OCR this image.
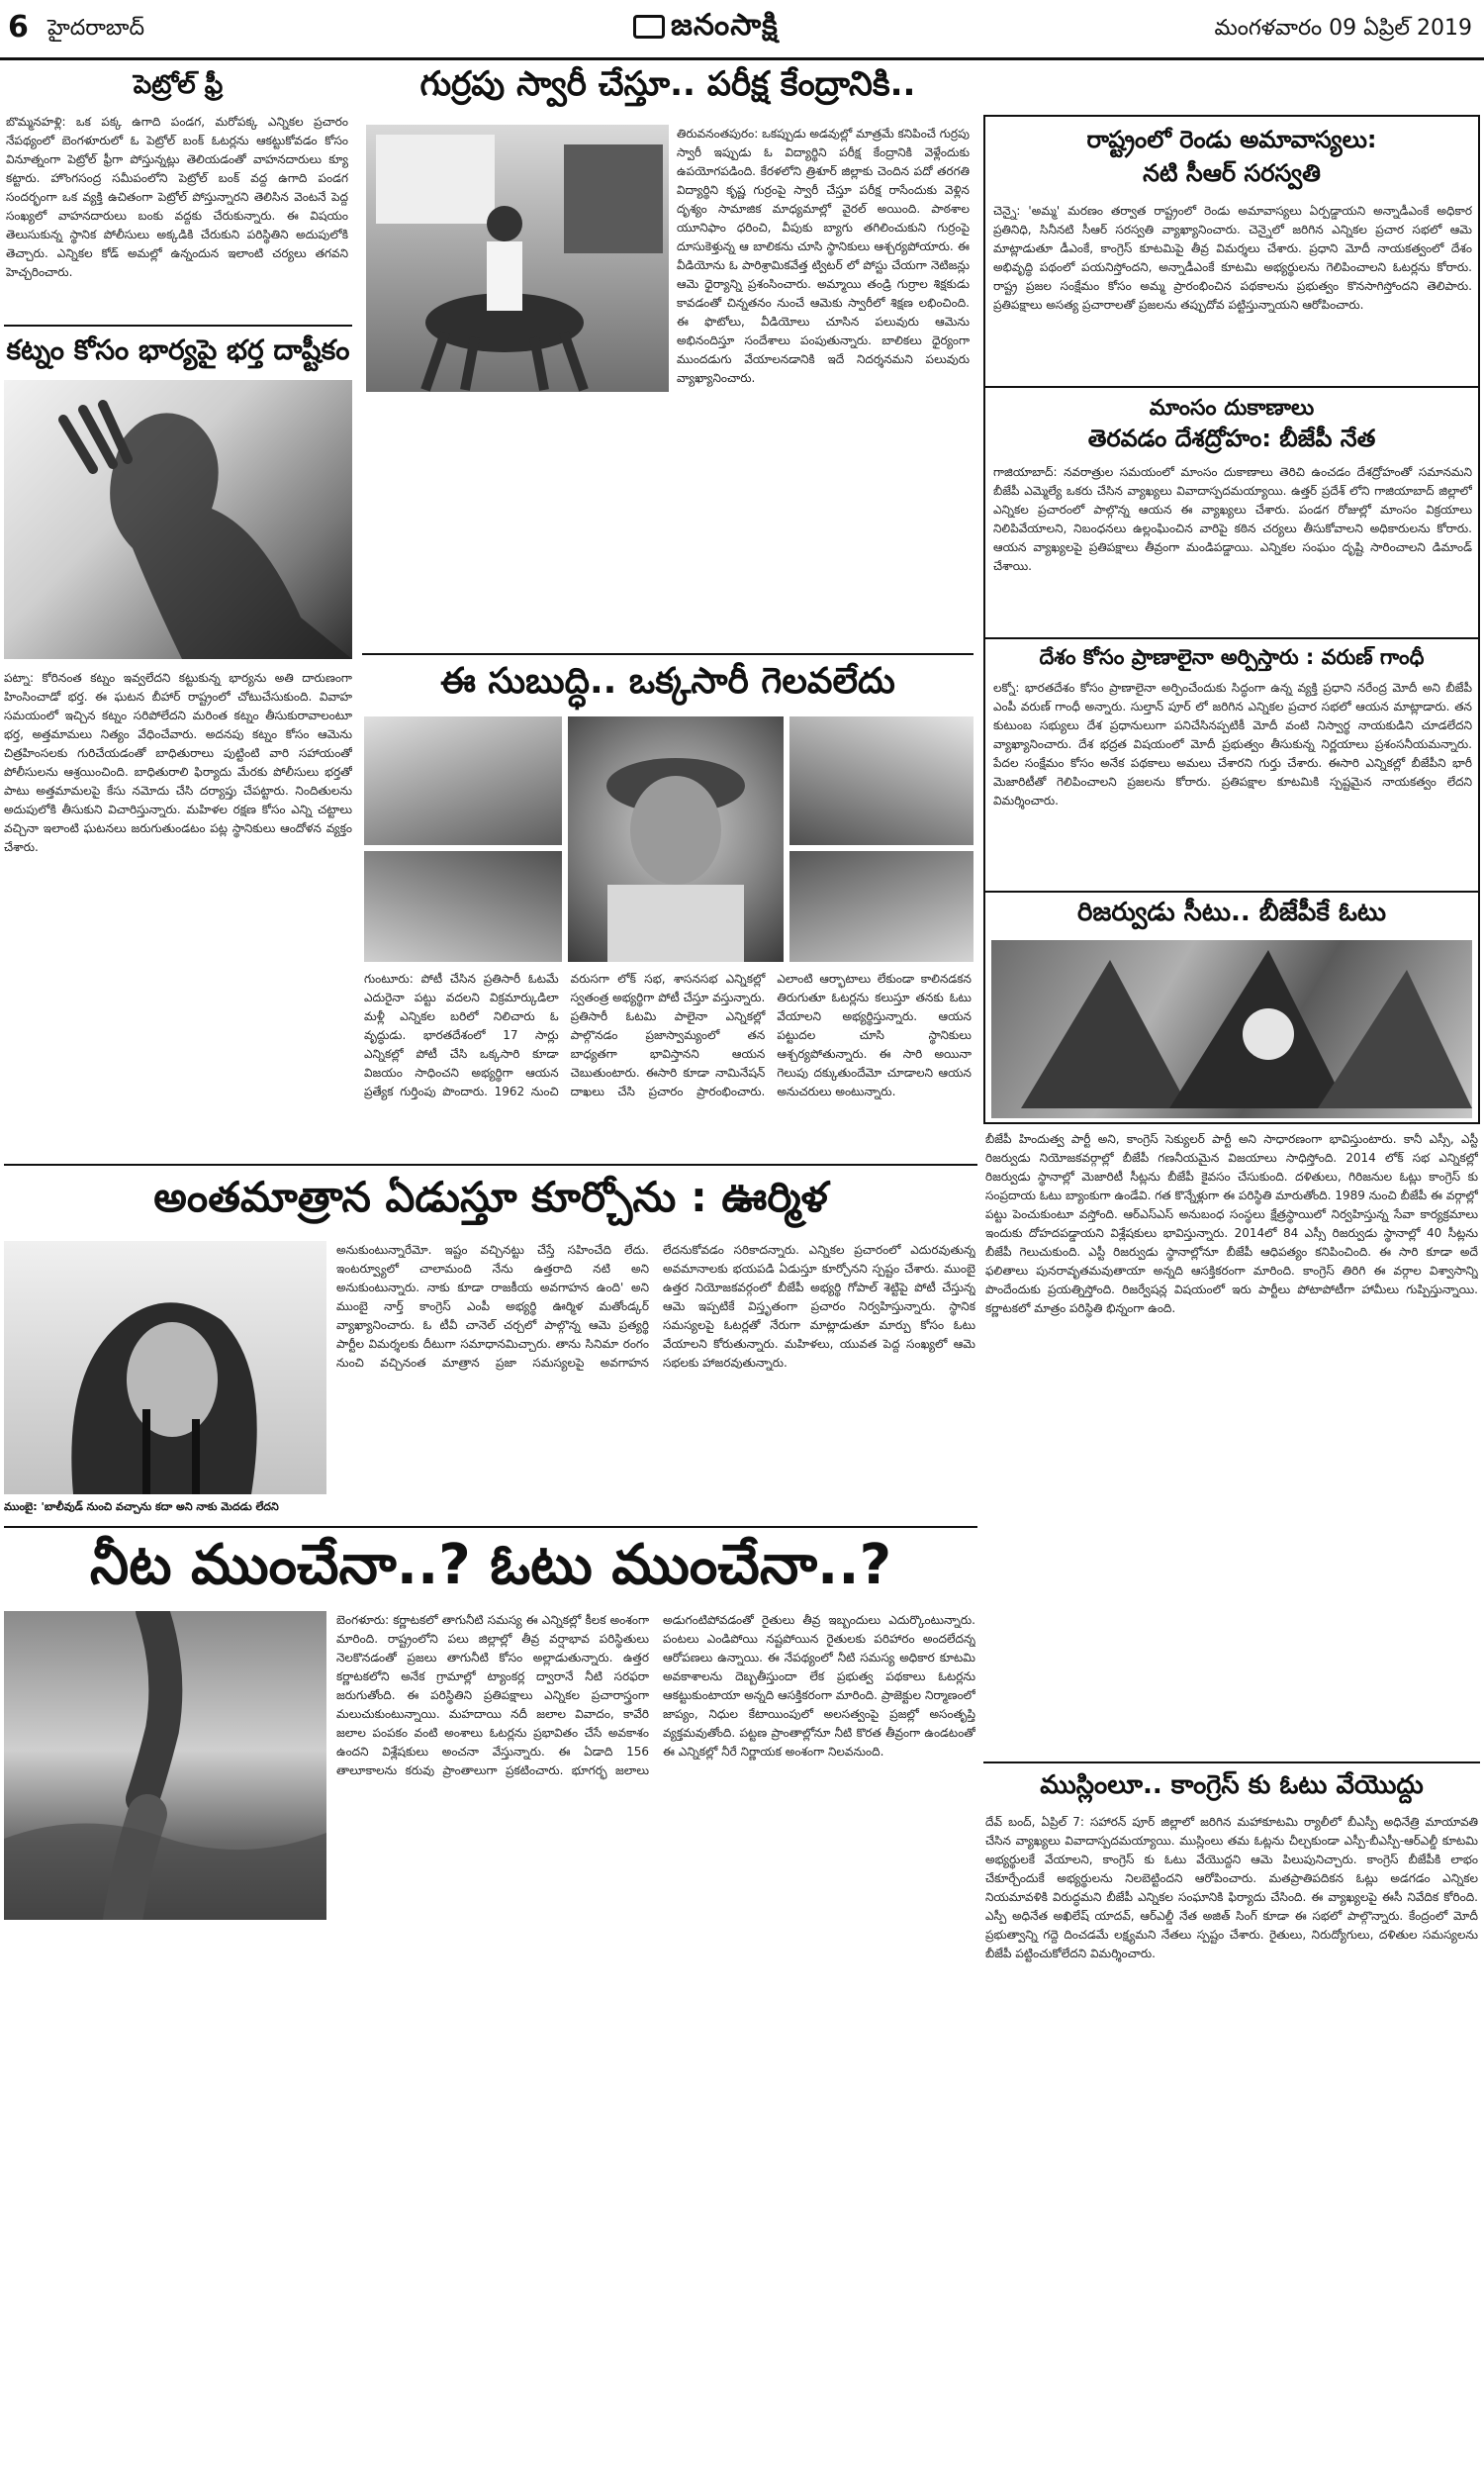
6 హైదరాబాద్	జనంసాక్షి	మంగళవారం 09 ఏప్రిల్ 2019
పెట్రోల్ ఫ్రీ
బొమ్మనహళ్లి: ఒక పక్క ఉగాది పండగ, మరోపక్క ఎన్నికల ప్రచారం నేపథ్యంలో బెంగళూరులో ఓ పెట్రోల్ బంక్ ఓటర్లను ఆకట్టుకోవడం కోసం వినూత్నంగా పెట్రోల్ ఫ్రీగా పోస్తున్నట్లు తెలియడంతో వాహనదారులు క్యూ కట్టారు. హొంగసంద్ర సమీపంలోని పెట్రోల్ బంక్ వద్ద ఉగాది పండగ సందర్భంగా ఒక వ్యక్తి ఉచితంగా పెట్రోల్ పోస్తున్నారని తెలిసిన వెంటనే పెద్ద సంఖ్యలో వాహనదారులు బంకు వద్దకు చేరుకున్నారు. ఈ విషయం తెలుసుకున్న స్థానిక పోలీసులు అక్కడికి చేరుకుని పరిస్థితిని అదుపులోకి తెచ్చారు. ఎన్నికల కోడ్ అమల్లో ఉన్నందున ఇలాంటి చర్యలు తగవని హెచ్చరించారు.
కట్నం కోసం భార్యపై భర్త దాష్టీకం
పట్నా: కోరినంత కట్నం ఇవ్వలేదని కట్టుకున్న భార్యను అతి దారుణంగా హింసించాడో భర్త. ఈ ఘటన బీహార్ రాష్ట్రంలో చోటుచేసుకుంది. వివాహ సమయంలో ఇచ్చిన కట్నం సరిపోలేదని మరింత కట్నం తీసుకురావాలంటూ భర్త, అత్తమామలు నిత్యం వేధించేవారు. అదనపు కట్నం కోసం ఆమెను చిత్రహింసలకు గురిచేయడంతో బాధితురాలు పుట్టింటి వారి సహాయంతో పోలీసులను ఆశ్రయించింది. బాధితురాలి ఫిర్యాదు మేరకు పోలీసులు భర్తతో పాటు అత్తమామలపై కేసు నమోదు చేసి దర్యాప్తు చేపట్టారు. నిందితులను అదుపులోకి తీసుకుని విచారిస్తున్నారు. మహిళల రక్షణ కోసం ఎన్ని చట్టాలు వచ్చినా ఇలాంటి ఘటనలు జరుగుతుండటం పట్ల స్థానికులు ఆందోళన వ్యక్తం చేశారు.
గుర్రపు స్వారీ చేస్తూ.. పరీక్ష కేంద్రానికి..
తిరువనంతపురం: ఒకప్పుడు అడవుల్లో మాత్రమే కనిపించే గుర్రపు స్వారీ ఇప్పుడు ఓ విద్యార్థిని పరీక్ష కేంద్రానికి వెళ్లేందుకు ఉపయోగపడింది. కేరళలోని త్రిశూర్ జిల్లాకు చెందిన పదో తరగతి విద్యార్థిని కృష్ణ గుర్రంపై స్వారీ చేస్తూ పరీక్ష రాసేందుకు వెళ్లిన దృశ్యం సామాజిక మాధ్యమాల్లో వైరల్ అయింది. పాఠశాల యూనిఫాం ధరించి, వీపుకు బ్యాగు తగిలించుకుని గుర్రంపై దూసుకెళ్తున్న ఆ బాలికను చూసి స్థానికులు ఆశ్చర్యపోయారు. ఈ వీడియోను ఓ పారిశ్రామికవేత్త ట్విటర్ లో పోస్టు చేయగా నెటిజన్లు ఆమె ధైర్యాన్ని ప్రశంసించారు. అమ్మాయి తండ్రి గుర్రాల శిక్షకుడు కావడంతో చిన్నతనం నుంచే ఆమెకు స్వారీలో శిక్షణ లభించింది. ఈ ఫొటోలు, వీడియోలు చూసిన పలువురు ఆమెను అభినందిస్తూ సందేశాలు పంపుతున్నారు. బాలికలు ధైర్యంగా ముందడుగు వేయాలనడానికి ఇదే నిదర్శనమని పలువురు వ్యాఖ్యానించారు.
ఈ సుబుద్ధి.. ఒక్కసారీ గెలవలేదు
గుంటూరు: పోటీ చేసిన ప్రతిసారీ ఓటమే ఎదురైనా పట్టు వదలని విక్రమార్కుడిలా మళ్లీ ఎన్నికల బరిలో నిలిచారు ఓ వృద్ధుడు. భారతదేశంలో 17 సార్లు ఎన్నికల్లో పోటీ చేసి ఒక్కసారి కూడా విజయం సాధించని అభ్యర్థిగా ఆయన ప్రత్యేక గుర్తింపు పొందారు. 1962 నుంచి వరుసగా లోక్ సభ, శాసనసభ ఎన్నికల్లో స్వతంత్ర అభ్యర్థిగా పోటీ చేస్తూ వస్తున్నారు. ప్రతిసారీ ఓటమి పాలైనా ఎన్నికల్లో పాల్గొనడం ప్రజాస్వామ్యంలో తన బాధ్యతగా భావిస్తానని ఆయన చెబుతుంటారు. ఈసారి కూడా నామినేషన్ దాఖలు చేసి ప్రచారం ప్రారంభించారు. ఎలాంటి ఆర్భాటాలు లేకుండా కాలినడకన తిరుగుతూ ఓటర్లను కలుస్తూ తనకు ఓటు వేయాలని అభ్యర్థిస్తున్నారు. ఆయన పట్టుదల చూసి స్థానికులు ఆశ్చర్యపోతున్నారు. ఈ సారి అయినా గెలుపు దక్కుతుందేమో చూడాలని ఆయన అనుచరులు అంటున్నారు.
రాష్ట్రంలో రెండు అమావాస్యలు:
నటి సీఆర్ సరస్వతి
చెన్నై: 'అమ్మ' మరణం తర్వాత రాష్ట్రంలో రెండు అమావాస్యలు ఏర్పడ్డాయని అన్నాడీఎంకే అధికార ప్రతినిధి, సినీనటి సీఆర్ సరస్వతి వ్యాఖ్యానించారు. చెన్నైలో జరిగిన ఎన్నికల ప్రచార సభలో ఆమె మాట్లాడుతూ డీఎంకే, కాంగ్రెస్ కూటమిపై తీవ్ర విమర్శలు చేశారు. ప్రధాని మోదీ నాయకత్వంలో దేశం అభివృద్ధి పథంలో పయనిస్తోందని, అన్నాడీఎంకే కూటమి అభ్యర్థులను గెలిపించాలని ఓటర్లను కోరారు. రాష్ట్ర ప్రజల సంక్షేమం కోసం అమ్మ ప్రారంభించిన పథకాలను ప్రభుత్వం కొనసాగిస్తోందని తెలిపారు. ప్రతిపక్షాలు అసత్య ప్రచారాలతో ప్రజలను తప్పుదోవ పట్టిస్తున్నాయని ఆరోపించారు.
మాంసం దుకాణాలు
తెరవడం దేశద్రోహం: బీజేపీ నేత
గాజియాబాద్: నవరాత్రుల సమయంలో మాంసం దుకాణాలు తెరిచి ఉంచడం దేశద్రోహంతో సమానమని బీజేపీ ఎమ్మెల్యే ఒకరు చేసిన వ్యాఖ్యలు వివాదాస్పదమయ్యాయి. ఉత్తర్ ప్రదేశ్ లోని గాజియాబాద్ జిల్లాలో ఎన్నికల ప్రచారంలో పాల్గొన్న ఆయన ఈ వ్యాఖ్యలు చేశారు. పండగ రోజుల్లో మాంసం విక్రయాలు నిలిపివేయాలని, నిబంధనలు ఉల్లంఘించిన వారిపై కఠిన చర్యలు తీసుకోవాలని అధికారులను కోరారు. ఆయన వ్యాఖ్యలపై ప్రతిపక్షాలు తీవ్రంగా మండిపడ్డాయి. ఎన్నికల సంఘం దృష్టి సారించాలని డిమాండ్ చేశాయి.
దేశం కోసం ప్రాణాలైనా అర్పిస్తారు : వరుణ్ గాంధీ
లక్నో: భారతదేశం కోసం ప్రాణాలైనా అర్పించేందుకు సిద్ధంగా ఉన్న వ్యక్తి ప్రధాని నరేంద్ర మోదీ అని బీజేపీ ఎంపీ వరుణ్ గాంధీ అన్నారు. సుల్తాన్ పూర్ లో జరిగిన ఎన్నికల ప్రచార సభలో ఆయన మాట్లాడారు. తన కుటుంబ సభ్యులు దేశ ప్రధానులుగా పనిచేసినప్పటికీ మోదీ వంటి నిస్వార్థ నాయకుడిని చూడలేదని వ్యాఖ్యానించారు. దేశ భద్రత విషయంలో మోదీ ప్రభుత్వం తీసుకున్న నిర్ణయాలు ప్రశంసనీయమన్నారు. పేదల సంక్షేమం కోసం అనేక పథకాలు అమలు చేశారని గుర్తు చేశారు. ఈసారి ఎన్నికల్లో బీజేపీని భారీ మెజారిటీతో గెలిపించాలని ప్రజలను కోరారు. ప్రతిపక్షాల కూటమికి స్పష్టమైన నాయకత్వం లేదని విమర్శించారు.
రిజర్వుడు సీటు.. బీజేపీకే ఓటు
బీజేపీ హిందుత్వ పార్టీ అని, కాంగ్రెస్ సెక్యులర్ పార్టీ అని సాధారణంగా భావిస్తుంటారు. కానీ ఎస్సీ, ఎస్టీ రిజర్వుడు నియోజకవర్గాల్లో బీజేపీ గణనీయమైన విజయాలు సాధిస్తోంది. 2014 లోక్ సభ ఎన్నికల్లో రిజర్వుడు స్థానాల్లో మెజారిటీ సీట్లను బీజేపీ కైవసం చేసుకుంది. దళితులు, గిరిజనుల ఓట్లు కాంగ్రెస్ కు సంప్రదాయ ఓటు బ్యాంకుగా ఉండేవి. గత కొన్నేళ్లుగా ఈ పరిస్థితి మారుతోంది. 1989 నుంచి బీజేపీ ఈ వర్గాల్లో పట్టు పెంచుకుంటూ వస్తోంది. ఆర్ఎస్ఎస్ అనుబంధ సంస్థలు క్షేత్రస్థాయిలో నిర్వహిస్తున్న సేవా కార్యక్రమాలు ఇందుకు దోహదపడ్డాయని విశ్లేషకులు భావిస్తున్నారు. 2014లో 84 ఎస్సీ రిజర్వుడు స్థానాల్లో 40 సీట్లను బీజేపీ గెలుచుకుంది. ఎస్టీ రిజర్వుడు స్థానాల్లోనూ బీజేపీ ఆధిపత్యం కనిపించింది. ఈ సారి కూడా అదే ఫలితాలు పునరావృతమవుతాయా అన్నది ఆసక్తికరంగా మారింది. కాంగ్రెస్ తిరిగి ఈ వర్గాల విశ్వాసాన్ని పొందేందుకు ప్రయత్నిస్తోంది. రిజర్వేషన్ల విషయంలో ఇరు పార్టీలు పోటాపోటీగా హామీలు గుప్పిస్తున్నాయి. కర్ణాటకలో మాత్రం పరిస్థితి భిన్నంగా ఉంది.
ముస్లింలూ.. కాంగ్రెస్ కు ఓటు వేయొద్దు
దేవ్ బంద్, ఏప్రిల్ 7: సహారన్ పూర్ జిల్లాలో జరిగిన మహాకూటమి ర్యాలీలో బీఎస్పీ అధినేత్రి మాయావతి చేసిన వ్యాఖ్యలు వివాదాస్పదమయ్యాయి. ముస్లింలు తమ ఓట్లను చీల్చకుండా ఎస్పీ-బీఎస్పీ-ఆర్ఎల్డీ కూటమి అభ్యర్థులకే వేయాలని, కాంగ్రెస్ కు ఓటు వేయొద్దని ఆమె పిలుపునిచ్చారు. కాంగ్రెస్ బీజేపీకి లాభం చేకూర్చేందుకే అభ్యర్థులను నిలబెట్టిందని ఆరోపించారు. మతప్రాతిపదికన ఓట్లు అడగడం ఎన్నికల నియమావళికి విరుద్ధమని బీజేపీ ఎన్నికల సంఘానికి ఫిర్యాదు చేసింది. ఈ వ్యాఖ్యలపై ఈసీ నివేదిక కోరింది. ఎస్పీ అధినేత అఖిలేష్ యాదవ్, ఆర్ఎల్డీ నేత అజిత్ సింగ్ కూడా ఈ సభలో పాల్గొన్నారు. కేంద్రంలో మోదీ ప్రభుత్వాన్ని గద్దె దించడమే లక్ష్యమని నేతలు స్పష్టం చేశారు. రైతులు, నిరుద్యోగులు, దళితుల సమస్యలను బీజేపీ పట్టించుకోలేదని విమర్శించారు.
అంతమాత్రాన ఏడుస్తూ కూర్చోను : ఊర్మిళ
ముంబై: 'బాలీవుడ్ నుంచి వచ్చాను కదా అని నాకు మెదడు లేదని
అనుకుంటున్నారేమో. ఇష్టం వచ్చినట్టు చేస్తే సహించేది లేదు. ఇంటర్వ్యూలో చాలామంది నేను ఉత్తరాది నటి అని అనుకుంటున్నారు. నాకు కూడా రాజకీయ అవగాహన ఉంది' అని ముంబై నార్త్ కాంగ్రెస్ ఎంపీ అభ్యర్థి ఊర్మిళ మతోండ్కర్ వ్యాఖ్యానించారు. ఓ టీవీ చానెల్ చర్చలో పాల్గొన్న ఆమె ప్రత్యర్థి పార్టీల విమర్శలకు దీటుగా సమాధానమిచ్చారు. తాను సినిమా రంగం నుంచి వచ్చినంత మాత్రాన ప్రజా సమస్యలపై అవగాహన లేదనుకోవడం సరికాదన్నారు. ఎన్నికల ప్రచారంలో ఎదురవుతున్న అవమానాలకు భయపడి ఏడుస్తూ కూర్చోనని స్పష్టం చేశారు. ముంబై ఉత్తర నియోజకవర్గంలో బీజేపీ అభ్యర్థి గోపాల్ శెట్టిపై పోటీ చేస్తున్న ఆమె ఇప్పటికే విస్తృతంగా ప్రచారం నిర్వహిస్తున్నారు. స్థానిక సమస్యలపై ఓటర్లతో నేరుగా మాట్లాడుతూ మార్పు కోసం ఓటు వేయాలని కోరుతున్నారు. మహిళలు, యువత పెద్ద సంఖ్యలో ఆమె సభలకు హాజరవుతున్నారు.
నీట ముంచేనా..? ఓటు ముంచేనా..?
బెంగళూరు: కర్ణాటకలో తాగునీటి సమస్య ఈ ఎన్నికల్లో కీలక అంశంగా మారింది. రాష్ట్రంలోని పలు జిల్లాల్లో తీవ్ర వర్షాభావ పరిస్థితులు నెలకొనడంతో ప్రజలు తాగునీటి కోసం అల్లాడుతున్నారు. ఉత్తర కర్ణాటకలోని అనేక గ్రామాల్లో ట్యాంకర్ల ద్వారానే నీటి సరఫరా జరుగుతోంది. ఈ పరిస్థితిని ప్రతిపక్షాలు ఎన్నికల ప్రచారాస్త్రంగా మలుచుకుంటున్నాయి. మహదాయి నదీ జలాల వివాదం, కావేరి జలాల పంపకం వంటి అంశాలు ఓటర్లను ప్రభావితం చేసే అవకాశం ఉందని విశ్లేషకులు అంచనా వేస్తున్నారు. ఈ ఏడాది 156 తాలూకాలను కరువు ప్రాంతాలుగా ప్రకటించారు. భూగర్భ జలాలు అడుగంటిపోవడంతో రైతులు తీవ్ర ఇబ్బందులు ఎదుర్కొంటున్నారు. పంటలు ఎండిపోయి నష్టపోయిన రైతులకు పరిహారం అందలేదన్న ఆరోపణలు ఉన్నాయి. ఈ నేపథ్యంలో నీటి సమస్య అధికార కూటమి అవకాశాలను దెబ్బతీస్తుందా లేక ప్రభుత్వ పథకాలు ఓటర్లను ఆకట్టుకుంటాయా అన్నది ఆసక్తికరంగా మారింది. ప్రాజెక్టుల నిర్మాణంలో జాప్యం, నిధుల కేటాయింపులో అలసత్వంపై ప్రజల్లో అసంతృప్తి వ్యక్తమవుతోంది. పట్టణ ప్రాంతాల్లోనూ నీటి కొరత తీవ్రంగా ఉండటంతో ఈ ఎన్నికల్లో నీరే నిర్ణాయక అంశంగా నిలవనుంది.
